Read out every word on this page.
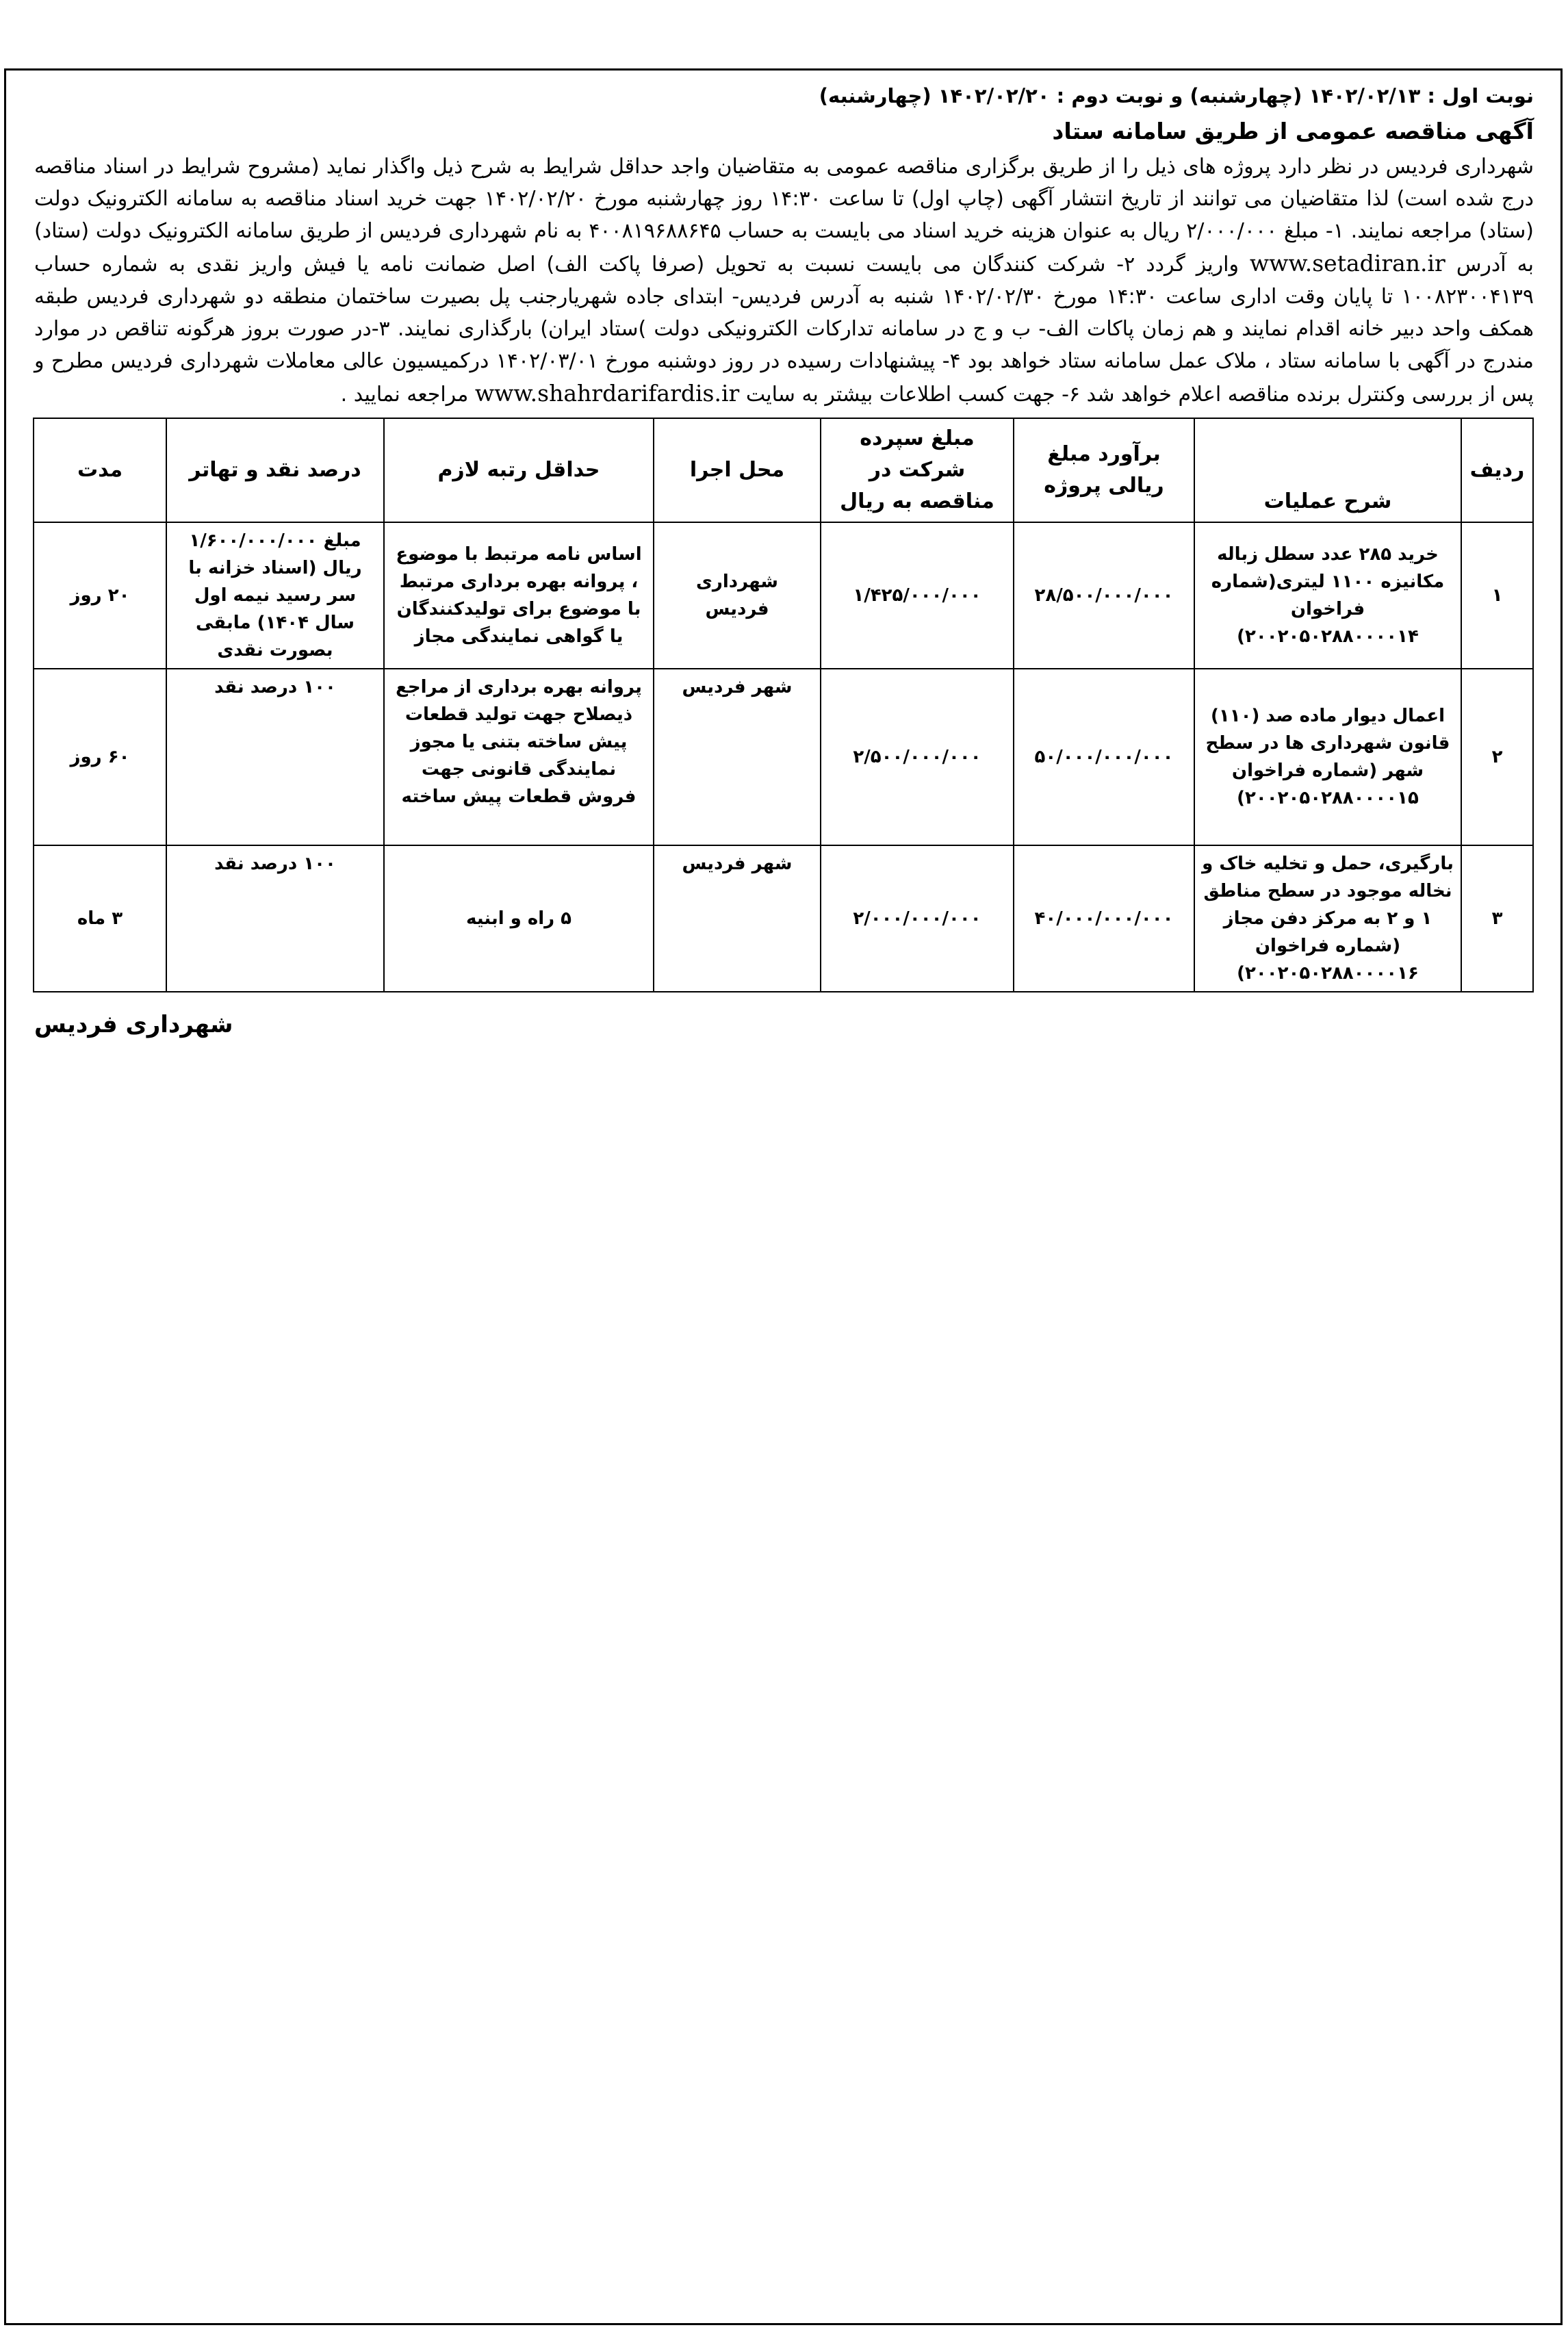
نوبت اول : ۱۴۰۲/۰۲/۱۳ (چهارشنبه) و نوبت دوم : ۱۴۰۲/۰۲/۲۰ (چهارشنبه)
آگهی مناقصه عمومی از طریق سامانه ستاد
شهرداری فردیس در نظر دارد پروژه های ذیل را از طریق برگزاری مناقصه عمومی به متقاضیان واجد حداقل شرایط به شرح ذیل واگذار نماید (مشروح شرایط در اسناد مناقصه درج شده است) لذا متقاضیان می توانند از تاریخ انتشار آگهی (چاپ اول) تا ساعت ۱۴:۳۰ روز چهارشنبه مورخ ۱۴۰۲/۰۲/۲۰ جهت خرید اسناد مناقصه به سامانه الکترونیک دولت (ستاد) مراجعه نمایند. ۱- مبلغ ۲/۰۰۰/۰۰۰ ریال به عنوان هزینه خرید اسناد می بایست به حساب ۴۰۰۸۱۹۶۸۸۶۴۵ به نام شهرداری فردیس از طریق سامانه الکترونیک دولت (ستاد) به آدرس www.setadiran.ir واریز گردد ۲- شرکت کنندگان می بایست نسبت به تحویل (صرفا پاکت الف) اصل ضمانت نامه یا فیش واریز نقدی به شماره حساب ۱۰۰۸۲۳۰۰۴۱۳۹ تا پایان وقت اداری ساعت ۱۴:۳۰ مورخ ۱۴۰۲/۰۲/۳۰ شنبه به آدرس فردیس- ابتدای جاده شهریارجنب پل بصیرت ساختمان منطقه دو شهرداری فردیس طبقه همکف واحد دبیر خانه اقدام نمایند و هم زمان پاکات الف- ب و ج در سامانه تدارکات الکترونیکی دولت )ستاد ایران) بارگذاری نمایند. ۳-در صورت بروز هرگونه تناقص در موارد مندرج در آگهی با سامانه ستاد ، ملاک عمل سامانه ستاد خواهد بود ۴- پیشنهادات رسیده در روز دوشنبه مورخ ۱۴۰۲/۰۳/۰۱ درکمیسیون عالی معاملات شهرداری فردیس مطرح و پس از بررسی وکنترل برنده مناقصه اعلام خواهد شد ۶- جهت کسب اطلاعات بیشتر به سایت www.shahrdarifardis.ir مراجعه نمایید .
ردیف	شرح عملیات	برآورد مبلغ ریالی پروژه	مبلغ سپرده شرکت در مناقصه به ریال	محل اجرا	حداقل رتبه لازم	درصد نقد و تهاتر	مدت
۱	خرید ۲۸۵ عدد سطل زباله مکانیزه ۱۱۰۰ لیتری(شماره فراخوان ۲۰۰۲۰۵۰۲۸۸۰۰۰۰۱۴)	۲۸/۵۰۰/۰۰۰/۰۰۰	۱/۴۲۵/۰۰۰/۰۰۰	شهرداری فردیس	اساس نامه مرتبط با موضوع ، پروانه بهره برداری مرتبط با موضوع برای تولیدکنندگان یا گواهی نمایندگی مجاز	مبلغ ۱/۶۰۰/۰۰۰/۰۰۰ ریال (اسناد خزانه با سر رسید نیمه اول سال ۱۴۰۴) مابقی بصورت نقدی	۲۰ روز
۲	اعمال دیوار ماده صد (۱۱۰) قانون شهرداری ها در سطح شهر (شماره فراخوان ۲۰۰۲۰۵۰۲۸۸۰۰۰۰۱۵)	۵۰/۰۰۰/۰۰۰/۰۰۰	۲/۵۰۰/۰۰۰/۰۰۰	شهر فردیس	پروانه بهره برداری از مراجع ذیصلاح جهت تولید قطعات پیش ساخته بتنی یا مجوز نمایندگی قانونی جهت فروش قطعات پیش ساخته	۱۰۰ درصد نقد	۶۰ روز
۳	بارگیری، حمل و تخلیه خاک و نخاله موجود در سطح مناطق ۱ و ۲ به مرکز دفن مجاز (شماره فراخوان ۲۰۰۲۰۵۰۲۸۸۰۰۰۰۱۶)	۴۰/۰۰۰/۰۰۰/۰۰۰	۲/۰۰۰/۰۰۰/۰۰۰	شهر فردیس	۵ راه و ابنیه	۱۰۰ درصد نقد	۳ ماه
شهرداری فردیس
